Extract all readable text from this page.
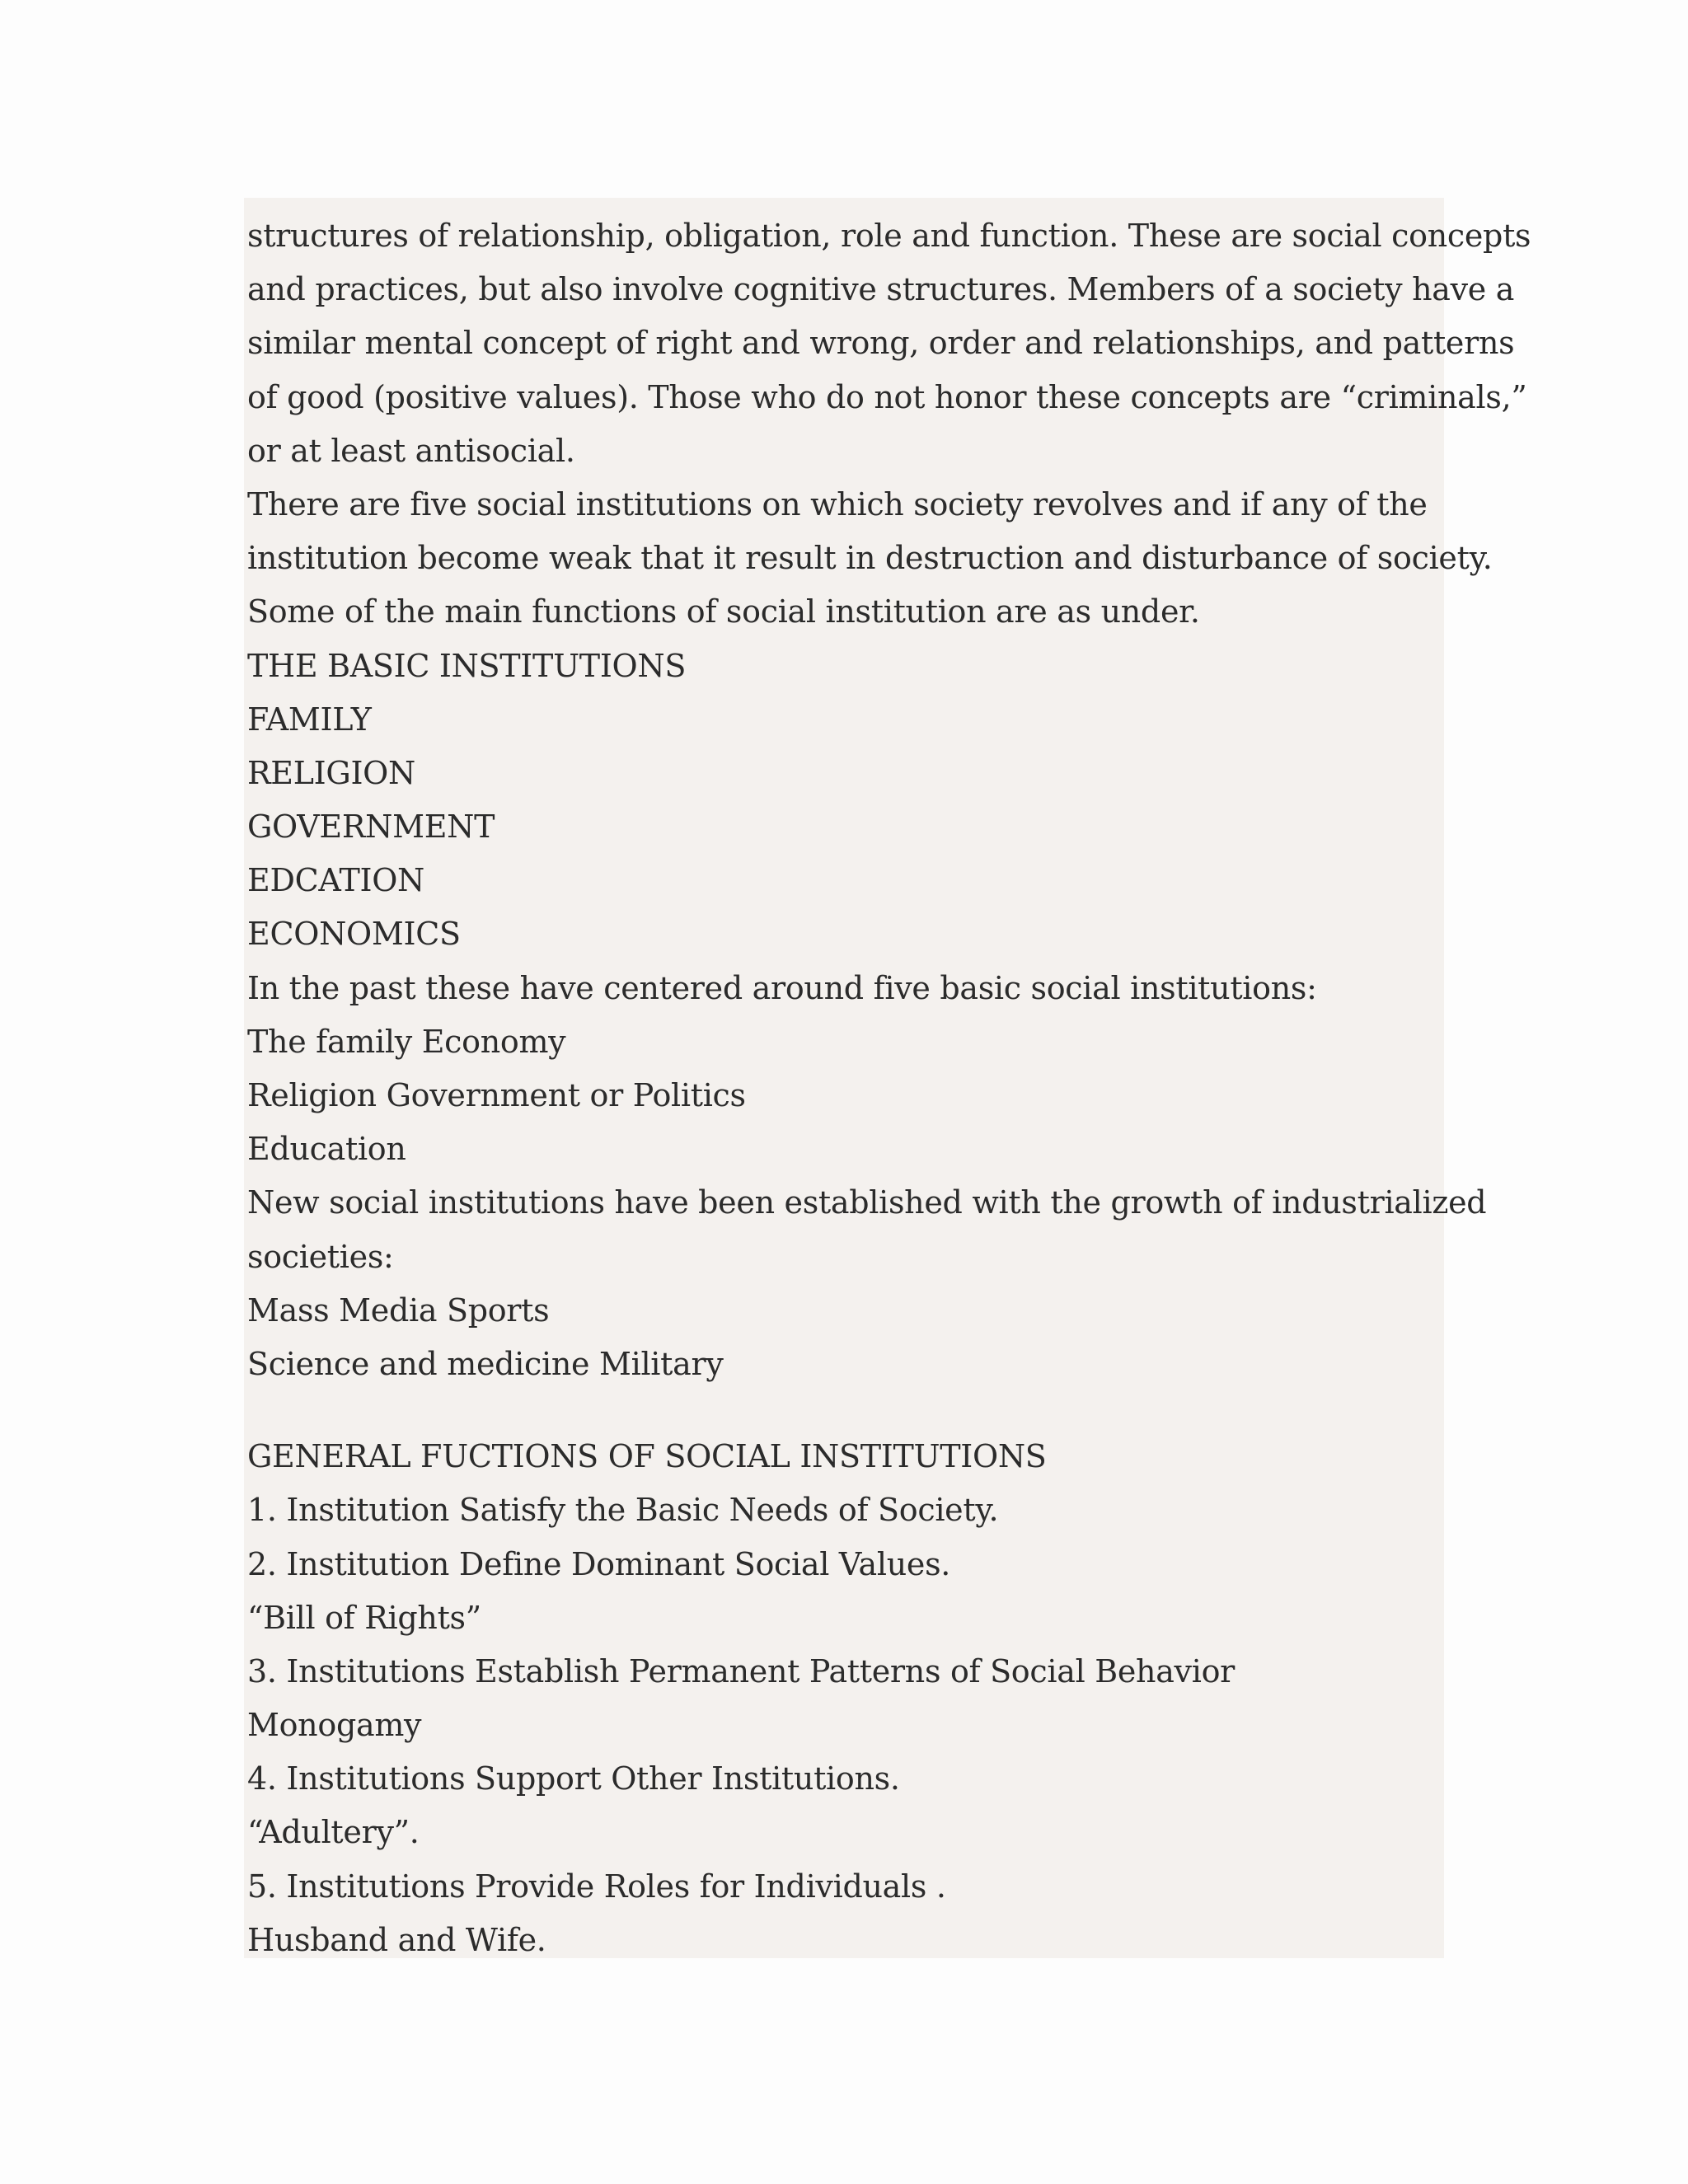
structures of relationship, obligation, role and function. These are social concepts
and practices, but also involve cognitive structures. Members of a society have a
similar mental concept of right and wrong, order and relationships, and patterns
of good (positive values). Those who do not honor these concepts are “criminals,”
or at least antisocial.
There are five social institutions on which society revolves and if any of the
institution become weak that it result in destruction and disturbance of society.
Some of the main functions of social institution are as under.
THE BASIC INSTITUTIONS
FAMILY
RELIGION
GOVERNMENT
EDCATION
ECONOMICS
In the past these have centered around five basic social institutions:
The family Economy
Religion Government or Politics
Education
New social institutions have been established with the growth of industrialized
societies:
Mass Media Sports
Science and medicine Military
GENERAL FUCTIONS OF SOCIAL INSTITUTIONS
1. Institution Satisfy the Basic Needs of Society.
2. Institution Define Dominant Social Values.
“Bill of Rights”
3. Institutions Establish Permanent Patterns of Social Behavior
Monogamy
4. Institutions Support Other Institutions.
“Adultery”.
5. Institutions Provide Roles for Individuals .
Husband and Wife.
